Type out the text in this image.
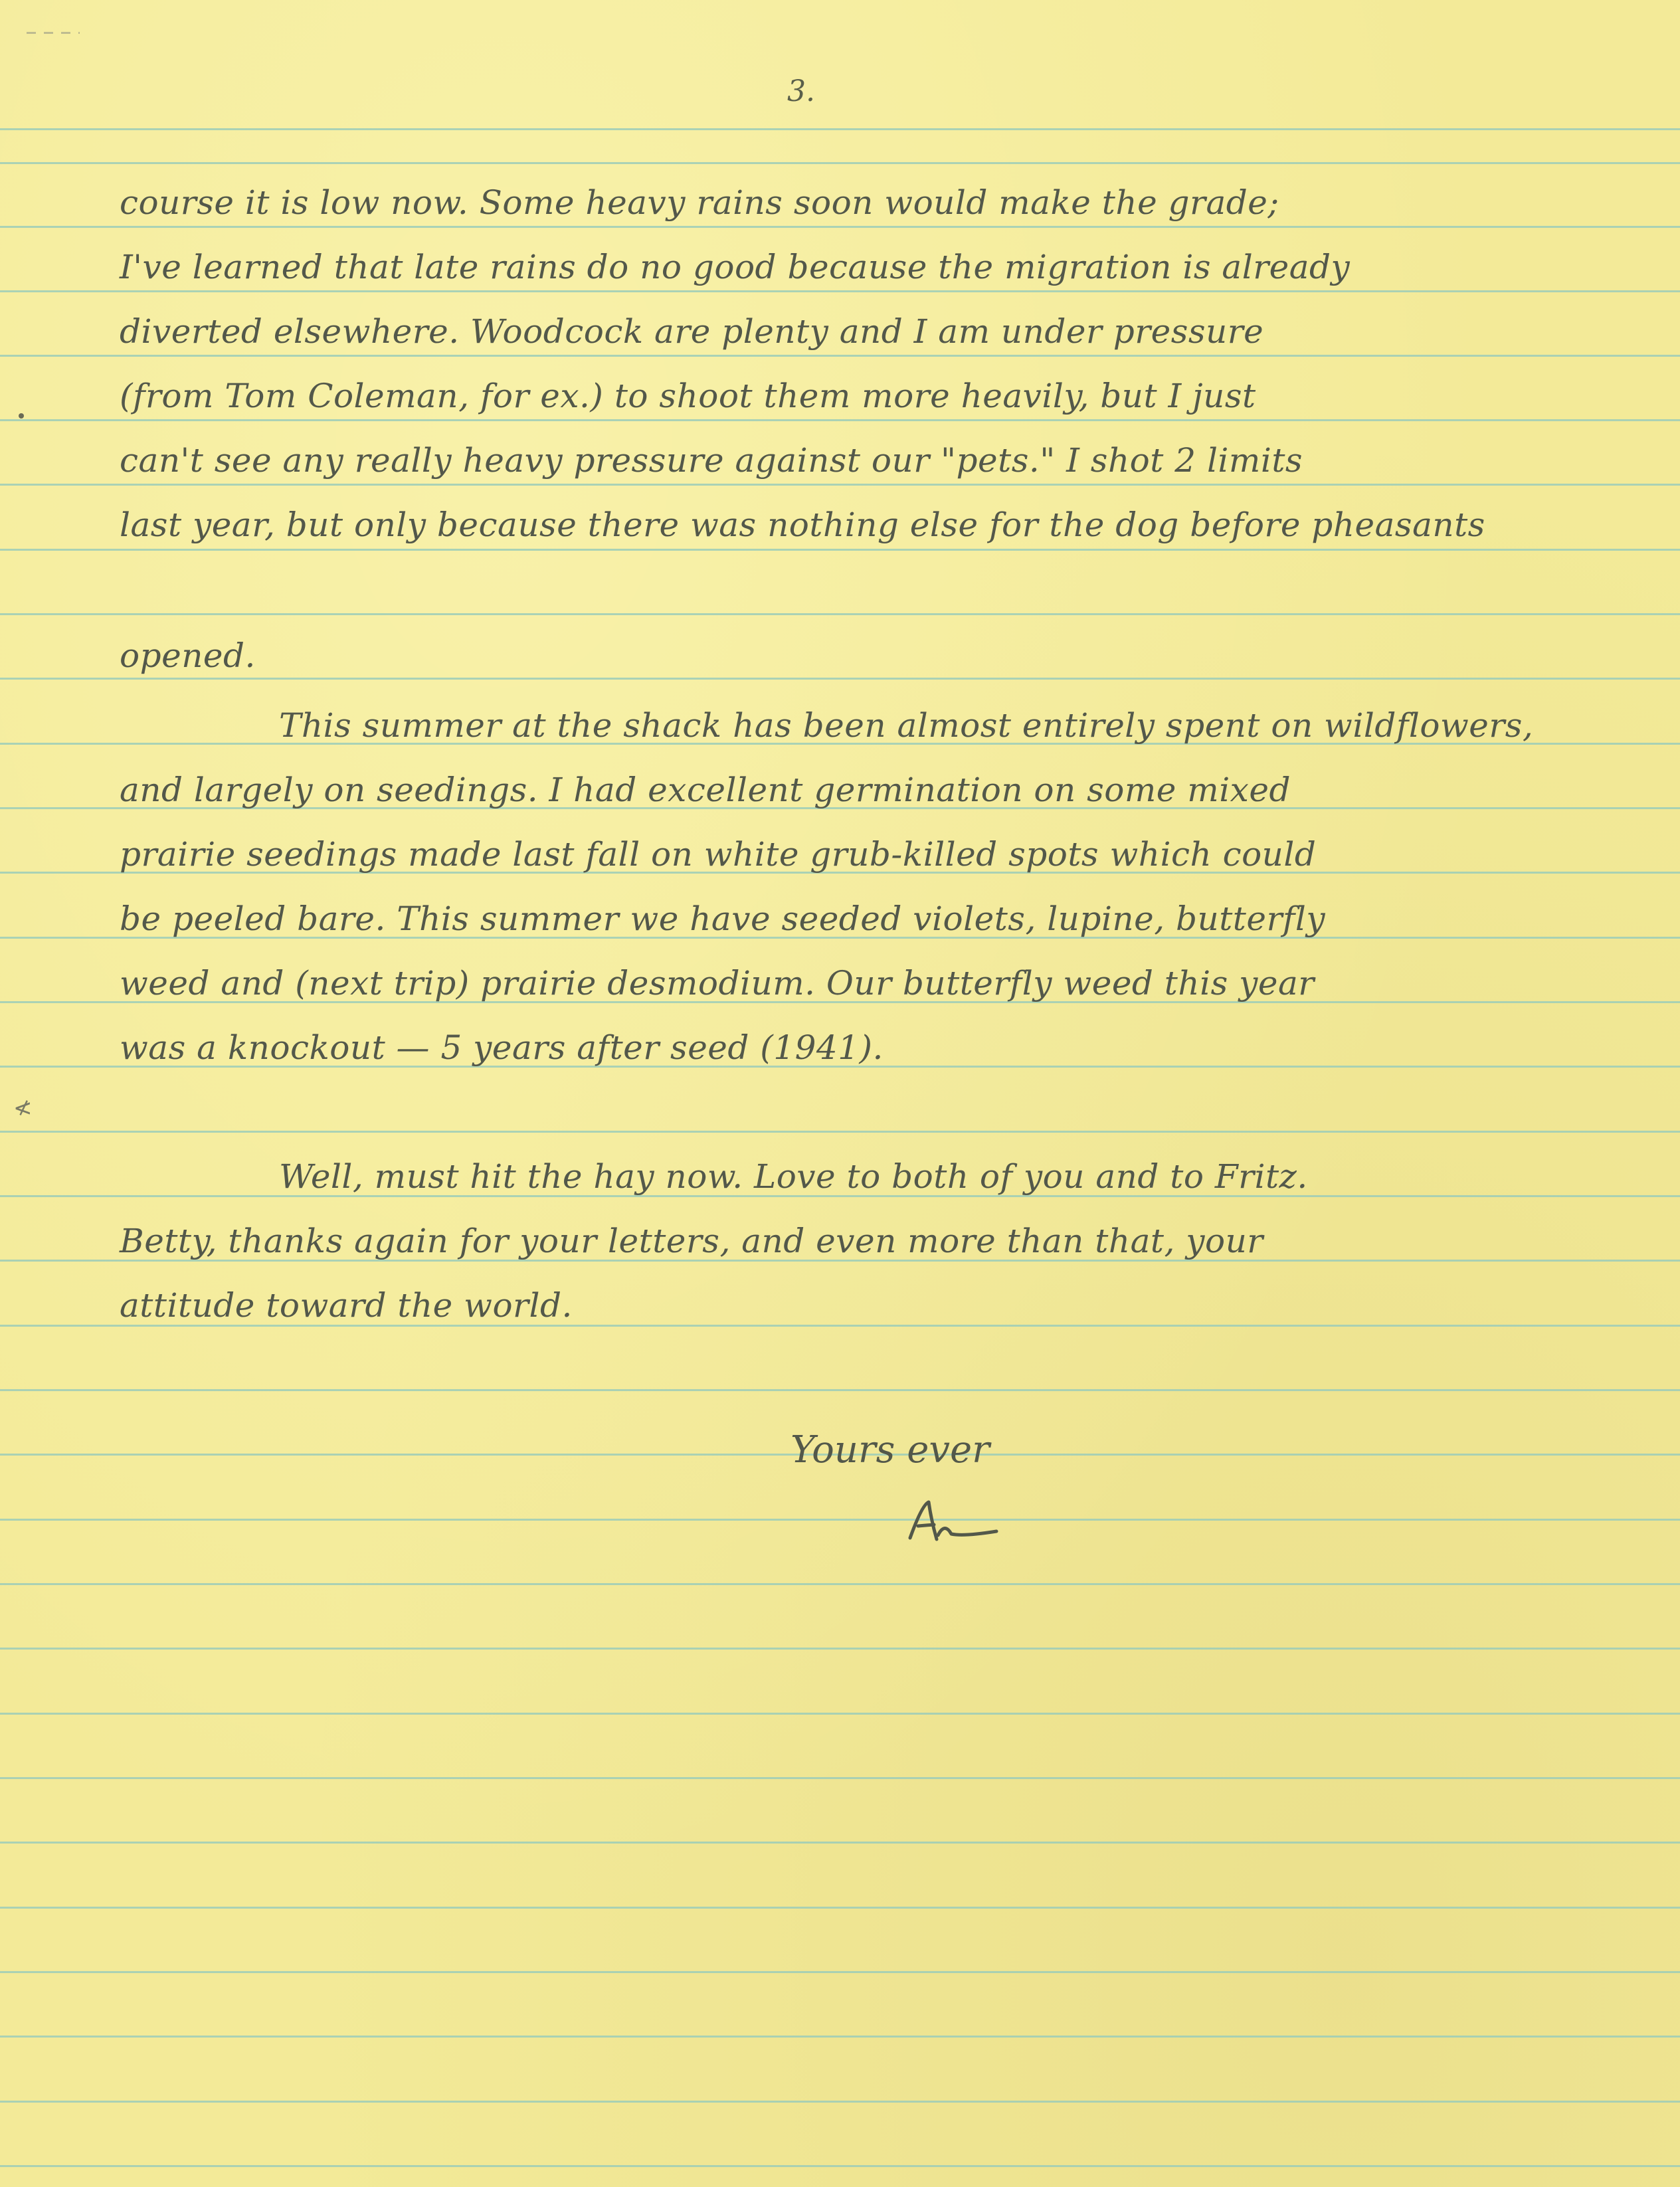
≮
3.
course it is low now. Some heavy rains soon would make the grade;
I've learned that late rains do no good because the migration is already
diverted elsewhere. Woodcock are plenty and I am under pressure
(from Tom Coleman, for ex.) to shoot them more heavily, but I just
can't see any really heavy pressure against our "pets." I shot 2 limits
last year, but only because there was nothing else for the dog before pheasants
opened.
This summer at the shack has been almost entirely spent on wildflowers,
and largely on seedings. I had excellent germination on some mixed
prairie seedings made last fall on white grub-killed spots which could
be peeled bare. This summer we have seeded violets, lupine, butterfly
weed and (next trip) prairie desmodium. Our butterfly weed this year
was a knockout — 5 years after seed (1941).
Well, must hit the hay now. Love to both of you and to Fritz.
Betty, thanks again for your letters, and even more than that, your
attitude toward the world.
Yours ever
